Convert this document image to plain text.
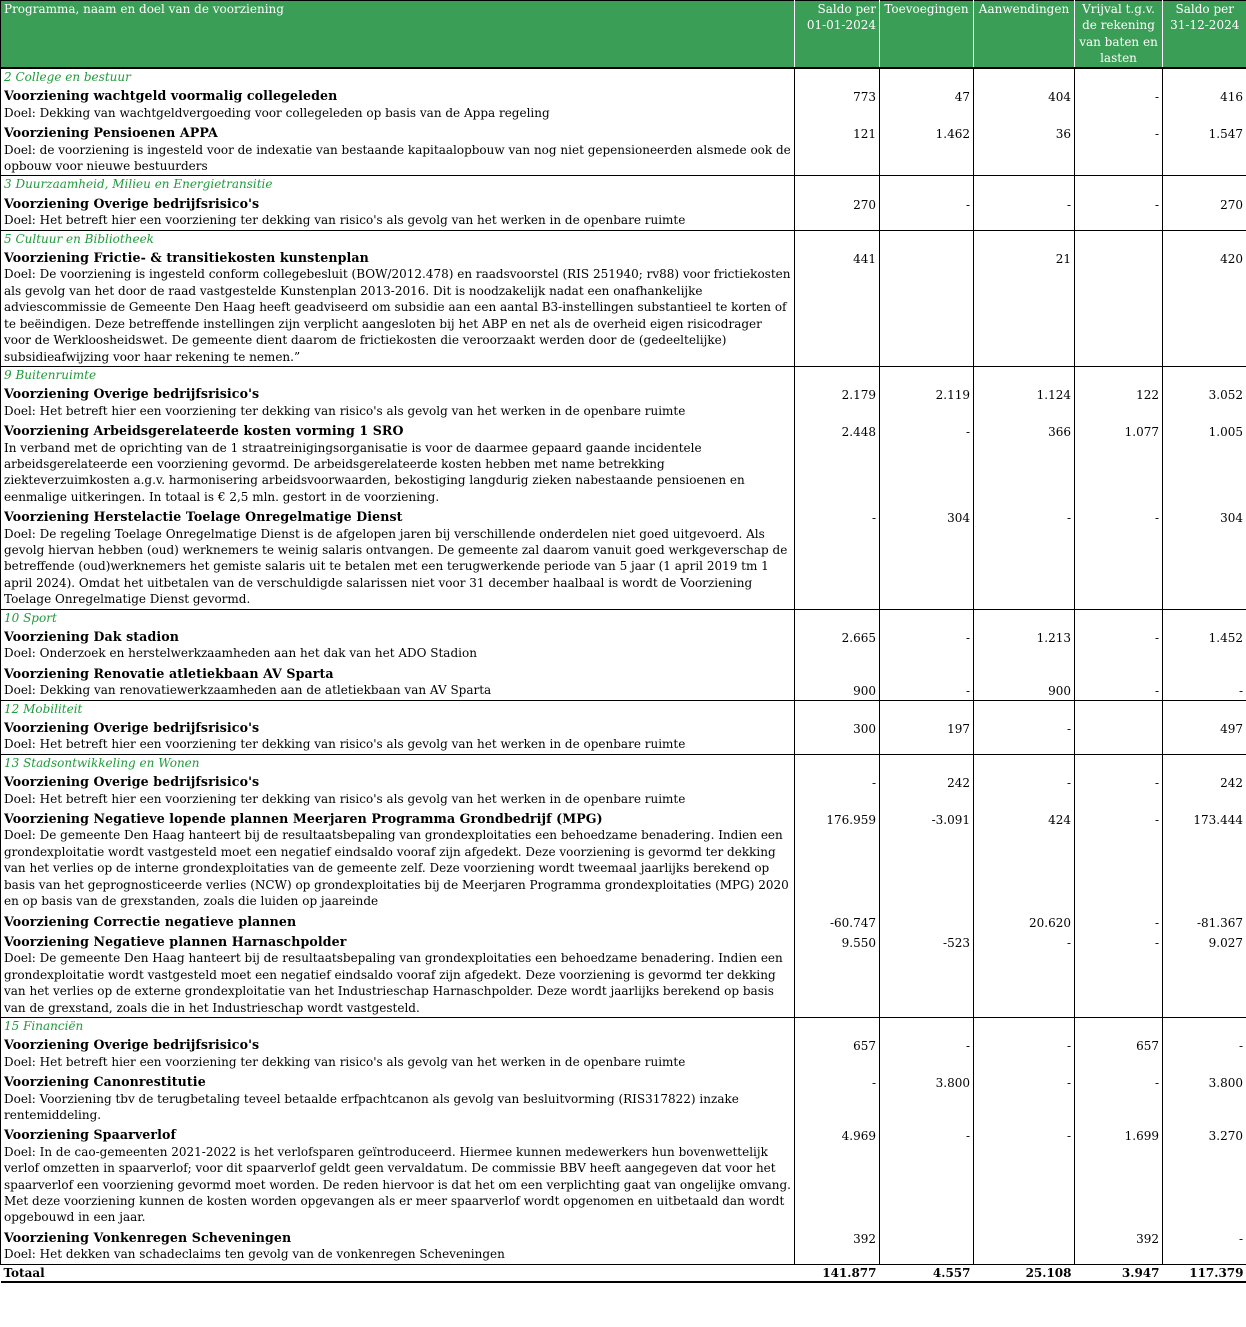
Programma, naam en doel van de voorziening	Saldo per 01-01-2024	Toevoegingen	Aanwendingen	Vrijval t.g.v. de rekening van baten en lasten	Saldo per 31-12-2024
2 College en bestuur					

Voorziening wachtgeld voormalig collegeleden
Doel: Dekking van wachtgeldvergoeding voor collegeleden op basis van de Appa regeling	773	47	404	-	416

Voorziening Pensioenen APPA
Doel: de voorziening is ingesteld voor de indexatie van bestaande kapitaalopbouw van nog niet gepensioneerden alsmede ook de opbouw voor nieuwe bestuurders	121	1.462	36	-	1.547

3 Duurzaamheid, Milieu en Energietransitie					

Voorziening Overige bedrijfsrisico's
Doel: Het betreft hier een voorziening ter dekking van risico's als gevolg van het werken in de openbare ruimte	270	-	-	-	270

5 Cultuur en Bibliotheek					

Voorziening Frictie- & transitiekosten kunstenplan
Doel: De voorziening is ingesteld conform collegebesluit (BOW/2012.478) en raadsvoorstel (RIS 251940; rv88) voor frictiekosten als gevolg van het door de raad vastgestelde Kunstenplan 2013-2016. Dit is noodzakelijk nadat een onafhankelijke adviescommissie de Gemeente Den Haag heeft geadviseerd om subsidie aan een aantal B3-instellingen substantieel te korten of te beëindigen. Deze betreffende instellingen zijn verplicht aangesloten bij het ABP en net als de overheid eigen risicodrager voor de Werkloosheidswet. De gemeente dient daarom de frictiekosten die veroorzaakt werden door de (gedeeltelijke) subsidieafwijzing voor haar rekening te nemen.”	441		21		420

9 Buitenruimte					

Voorziening Overige bedrijfsrisico's
Doel: Het betreft hier een voorziening ter dekking van risico's als gevolg van het werken in de openbare ruimte	2.179	2.119	1.124	122	3.052

Voorziening Arbeidsgerelateerde kosten vorming 1 SRO
In verband met de oprichting van de 1 straatreinigingsorganisatie is voor de daarmee gepaard gaande incidentele arbeidsgerelateerde een voorziening gevormd. De arbeidsgerelateerde kosten hebben met name betrekking ziekteverzuimkosten a.g.v. harmonisering arbeidsvoorwaarden, bekostiging langdurig zieken nabestaande pensioenen en eenmalige uitkeringen. In totaal is € 2,5 mln. gestort in de voorziening.	2.448	-	366	1.077	1.005

Voorziening Herstelactie Toelage Onregelmatige Dienst
Doel: De regeling Toelage Onregelmatige Dienst is de afgelopen jaren bij verschillende onderdelen niet goed uitgevoerd. Als gevolg hiervan hebben (oud) werknemers te weinig salaris ontvangen. De gemeente zal daarom vanuit goed werkgeverschap de betreffende (oud)werknemers het gemiste salaris uit te betalen met een terugwerkende periode van 5 jaar (1 april 2019 tm 1 april 2024). Omdat het uitbetalen van de verschuldigde salarissen niet voor 31 december haalbaal is wordt de Voorziening Toelage Onregelmatige Dienst gevormd.	-	304	-	-	304

10 Sport					

Voorziening Dak stadion
Doel: Onderzoek en herstelwerkzaamheden aan het dak van het ADO Stadion	2.665	-	1.213	-	1.452

Voorziening Renovatie atletiekbaan AV Sparta
Doel: Dekking van renovatiewerkzaamheden aan de atletiekbaan van AV Sparta	900	-	900	-	-

12 Mobiliteit					

Voorziening Overige bedrijfsrisico's
Doel: Het betreft hier een voorziening ter dekking van risico's als gevolg van het werken in de openbare ruimte	300	197	-		497

13 Stadsontwikkeling en Wonen					

Voorziening Overige bedrijfsrisico's
Doel: Het betreft hier een voorziening ter dekking van risico's als gevolg van het werken in de openbare ruimte	-	242	-	-	242

Voorziening Negatieve lopende plannen Meerjaren Programma Grondbedrijf (MPG)
Doel: De gemeente Den Haag hanteert bij de resultaatsbepaling van grondexploitaties een behoedzame benadering. Indien een grondexploitatie wordt vastgesteld moet een negatief eindsaldo vooraf zijn afgedekt. Deze voorziening is gevormd ter dekking van het verlies op de interne grondexploitaties van de gemeente zelf. Deze voorziening wordt tweemaal jaarlijks berekend op basis van het geprognosticeerde verlies (NCW) op grondexploitaties bij de Meerjaren Programma grondexploitaties (MPG) 2020 en op basis van de grexstanden, zoals die luiden op jaareinde	176.959	-3.091	424	-	173.444

Voorziening Correctie negatieve plannen	-60.747		20.620	-	-81.367

Voorziening Negatieve plannen Harnaschpolder
Doel: De gemeente Den Haag hanteert bij de resultaatsbepaling van grondexploitaties een behoedzame benadering. Indien een grondexploitatie wordt vastgesteld moet een negatief eindsaldo vooraf zijn afgedekt. Deze voorziening is gevormd ter dekking van het verlies op de externe grondexploitatie van het Industrieschap Harnaschpolder. Deze wordt jaarlijks berekend op basis van de grexstand, zoals die in het Industrieschap wordt vastgesteld.	9.550	-523	-	-	9.027

15 Financiën					

Voorziening Overige bedrijfsrisico's
Doel: Het betreft hier een voorziening ter dekking van risico's als gevolg van het werken in de openbare ruimte	657	-	-	657	-

Voorziening Canonrestitutie
Doel: Voorziening tbv de terugbetaling teveel betaalde erfpachtcanon als gevolg van besluitvorming (RIS317822) inzake rentemiddeling.	-	3.800	-	-	3.800

Voorziening Spaarverlof
Doel: In de cao-gemeenten 2021-2022 is het verlofsparen geïntroduceerd. Hiermee kunnen medewerkers hun bovenwettelijk verlof omzetten in spaarverlof; voor dit spaarverlof geldt geen vervaldatum. De commissie BBV heeft aangegeven dat voor het spaarverlof een voorziening gevormd moet worden. De reden hiervoor is dat het om een verplichting gaat van ongelijke omvang. Met deze voorziening kunnen de kosten worden opgevangen als er meer spaarverlof wordt opgenomen en uitbetaald dan wordt opgebouwd in een jaar.	4.969	-	-	1.699	3.270

Voorziening Vonkenregen Scheveningen
Doel: Het dekken van schadeclaims ten gevolg van de vonkenregen Scheveningen	392			392	-

Totaal	141.877	4.557	25.108	3.947	117.379
